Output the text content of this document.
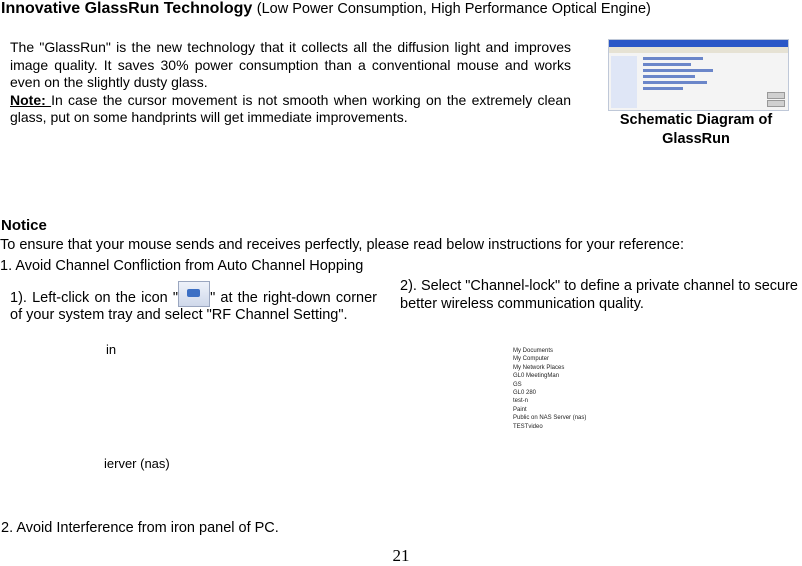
Innovative GlassRun Technology (Low Power Consumption, High Performance Optical Engine)

The "GlassRun" is the new technology that it collects all the diffusion light and improves image quality. It saves 30% power consumption than a conventional mouse and works even on the slightly dusty glass.

Note: In case the cursor movement is not smooth when working on the extremely clean glass, put on some handprints will get immediate improvements.	Schematic Diagram of GlassRun
Notice
To ensure that your mouse sends and receives perfectly, please read below instructions for your reference:
1. Avoid Channel Confliction from Auto Channel Hopping
1). Left-click on the icon " " at the right-down corner of your system tray and select "RF Channel Setting".
2). Select "Channel-lock" to define a private channel to secure better wireless communication quality.
in
ierver (nas)
My Documents
My Computer
My Network Places
GL0 MeetingMan
GS
GL0 280
test-n
Paint
Public on NAS Server (nas)
TESTvideo
2. Avoid Interference from iron panel of PC.
21
